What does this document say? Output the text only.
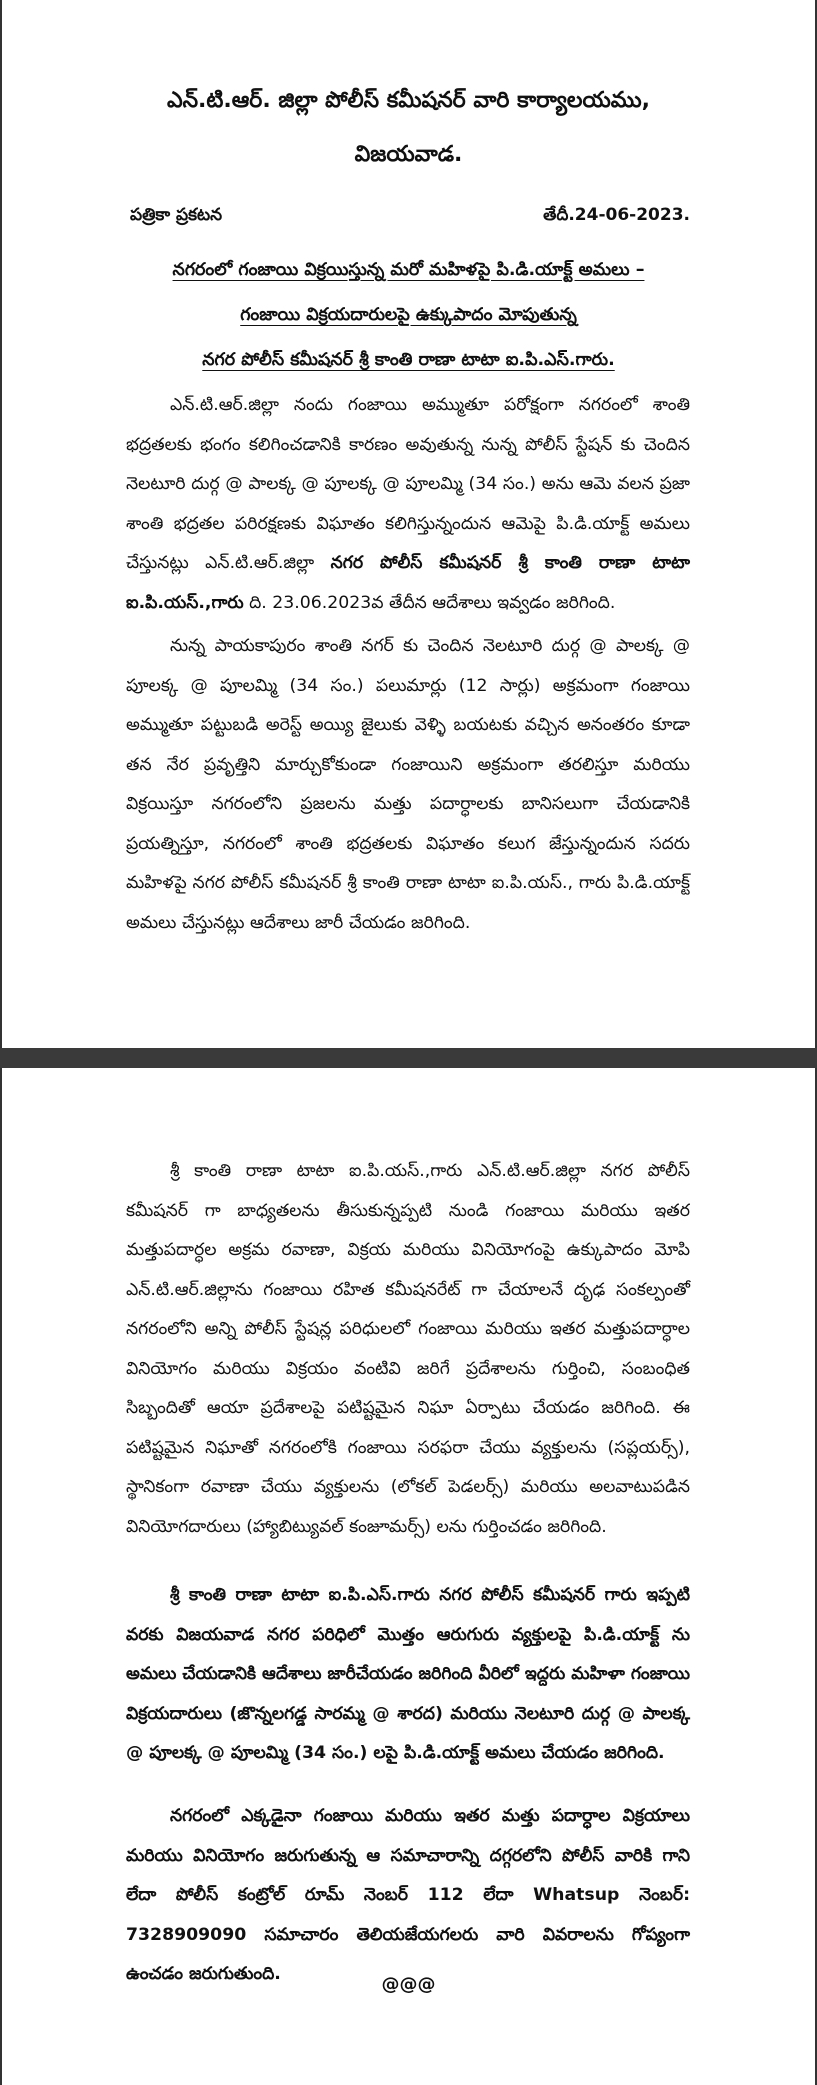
ఎన్.టి.ఆర్. జిల్లా పోలీస్ కమీషనర్ వారి కార్యాలయము,
విజయవాడ.
పత్రికా ప్రకటన	తేదీ.24-06-2023.
నగరంలో గంజాయి విక్రయిస్తున్న మరో మహిళపై పి.డి.యాక్ట్ అమలు –
గంజాయి విక్రయదారులపై ఉక్కుపాదం మోపుతున్న
నగర పోలీస్ కమీషనర్ శ్రీ కాంతి రాణా టాటా ఐ.పి.ఎస్.గారు.

ఎన్.టి.ఆర్.జిల్లా నందు గంజాయి అమ్ముతూ పరోక్షంగా నగరంలో శాంతి భద్రతలకు భంగం కలిగించడానికి కారణం అవుతున్న నున్న పోలీస్ స్టేషన్ కు చెందిన నెలటూరి దుర్గ @ పాలక్క @ పూలక్క @ పూలమ్మి (34 సం.) అను ఆమె వలన ప్రజా శాంతి భద్రతల పరిరక్షణకు విఘాతం కలిగిస్తున్నందున ఆమెపై పి.డి.యాక్ట్ అమలు చేస్తునట్లు ఎన్.టి.ఆర్.జిల్లా నగర పోలీస్ కమీషనర్ శ్రీ కాంతి రాణా టాటా ఐ.పి.యస్.,గారు ది. 23.06.2023వ తేదీన ఆదేశాలు ఇవ్వడం జరిగింది.

నున్న పాయకాపురం శాంతి నగర్ కు చెందిన నెలటూరి దుర్గ @ పాలక్క @ పూలక్క @ పూలమ్మి (34 సం.) పలుమార్లు (12 సార్లు) అక్రమంగా గంజాయి అమ్ముతూ పట్టుబడి అరెస్ట్ అయ్యి జైలుకు వెళ్ళి బయటకు వచ్చిన అనంతరం కూడా తన నేర ప్రవృత్తిని మార్చుకోకుండా గంజాయిని అక్రమంగా తరలిస్తూ మరియు విక్రయిస్తూ నగరంలోని ప్రజలను మత్తు పదార్ధాలకు బానిసలుగా చేయడానికి ప్రయత్నిస్తూ, నగరంలో శాంతి భద్రతలకు విఘాతం కలుగ జేస్తున్నందున సదరు మహిళపై నగర పోలీస్ కమీషనర్ శ్రీ కాంతి రాణా టాటా ఐ.పి.యస్., గారు పి.డి.యాక్ట్ అమలు చేస్తునట్లు ఆదేశాలు జారీ చేయడం జరిగింది.

శ్రీ కాంతి రాణా టాటా ఐ.పి.యస్.,గారు ఎన్.టి.ఆర్.జిల్లా నగర పోలీస్ కమీషనర్ గా బాధ్యతలను తీసుకున్నప్పటి నుండి గంజాయి మరియు ఇతర మత్తుపదార్ధల అక్రమ రవాణా, విక్రయ మరియు వినియోగంపై ఉక్కుపాదం మోపి ఎన్.టి.ఆర్.జిల్లాను గంజాయి రహిత కమీషనరేట్ గా చేయాలనే దృఢ సంకల్పంతో నగరంలోని అన్ని పోలీస్ స్టేషన్ల పరిధులలో గంజాయి మరియు ఇతర మత్తుపదార్ధాల వినియోగం మరియు విక్రయం వంటివి జరిగే ప్రదేశాలను గుర్తించి, సంబంధిత సిబ్బందితో ఆయా ప్రదేశాలపై పటిష్టమైన నిఘా ఏర్పాటు చేయడం జరిగింది. ఈ పటిష్టమైన నిఘాతో నగరంలోకి గంజాయి సరఫరా చేయు వ్యక్తులను (సప్లయర్స్), స్థానికంగా రవాణా చేయు వ్యక్తులను (లోకల్ పెడలర్స్) మరియు అలవాటుపడిన వినియోగదారులు (హ్యాబిట్యువల్ కంజూమర్స్) లను గుర్తించడం జరిగింది.

శ్రీ కాంతి రాణా టాటా ఐ.పి.ఎస్.గారు నగర పోలీస్ కమీషనర్ గారు ఇప్పటి వరకు విజయవాడ నగర పరిధిలో మొత్తం ఆరుగురు వ్యక్తులపై పి.డి.యాక్ట్ ను అమలు చేయడానికి ఆదేశాలు జారీచేయడం జరిగింది వీరిలో ఇద్దరు మహిళా గంజాయి విక్రయదారులు (జొన్నలగడ్డ సారమ్మ @ శారద) మరియు నెలటూరి దుర్గ @ పాలక్క @ పూలక్క @ పూలమ్మి (34 సం.) లపై పి.డి.యాక్ట్ అమలు చేయడం జరిగింది.

నగరంలో ఎక్కడైనా గంజాయి మరియు ఇతర మత్తు పదార్ధాల విక్రయాలు మరియు వినియోగం జరుగుతున్న ఆ సమాచారాన్ని దగ్గరలోని పోలీస్ వారికి గాని లేదా పోలీస్ కంట్రోల్ రూమ్ నెంబర్ 112 లేదా Whatsup నెంబర్: 7328909090 సమాచారం తెలియజేయగలరు వారి వివరాలను గోప్యంగా ఉంచడం జరుగుతుంది.	@@@
